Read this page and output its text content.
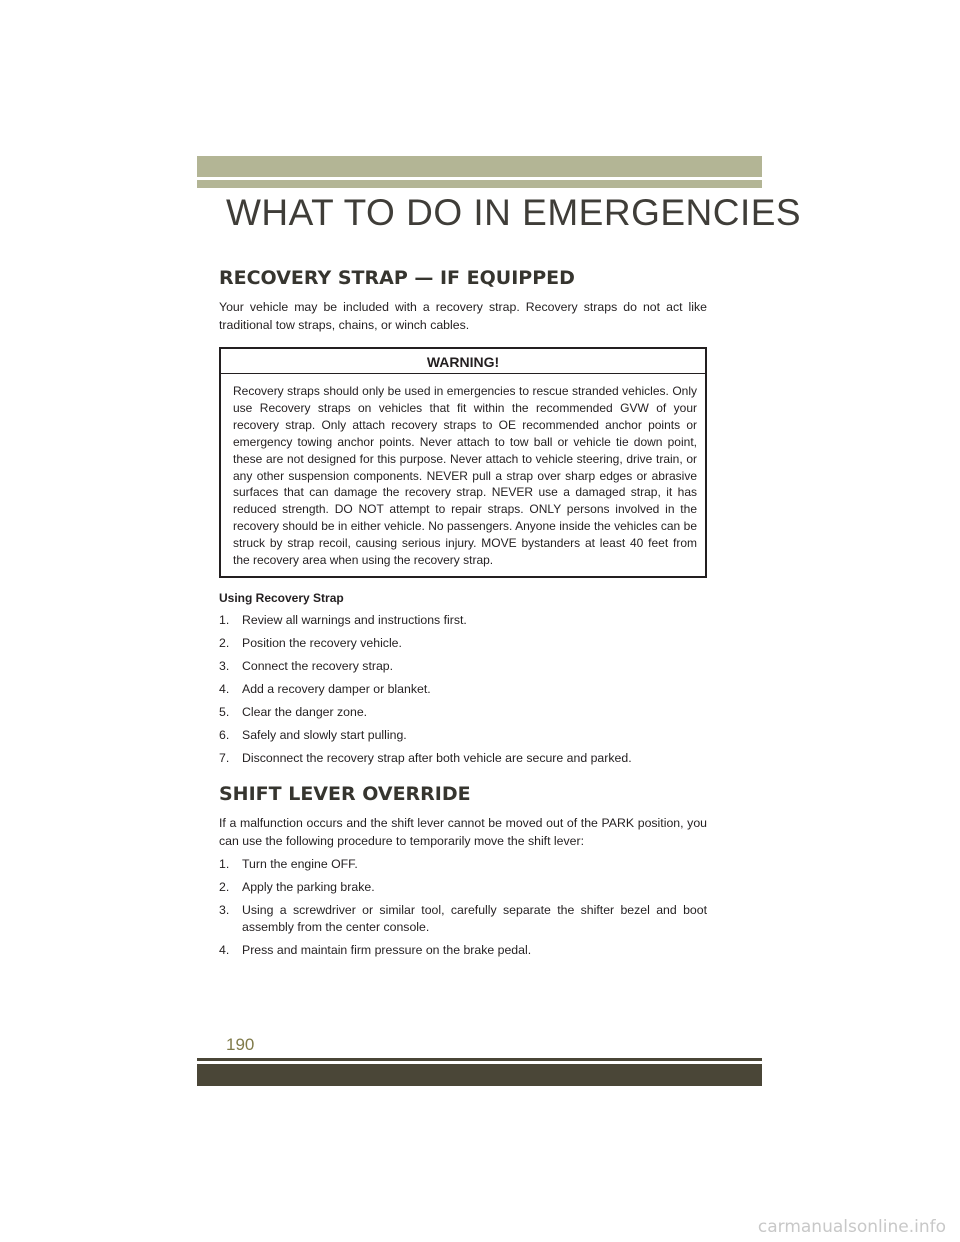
WHAT TO DO IN EMERGENCIES
RECOVERY STRAP — IF EQUIPPED

Your vehicle may be included with a recovery strap. Recovery straps do not act like traditional tow straps, chains, or winch cables.

WARNING!

Recovery straps should only be used in emergencies to rescue stranded vehicles. Only use Recovery straps on vehicles that fit within the recommended GVW of your recovery strap. Only attach recovery straps to OE recommended anchor points or emergency towing anchor points. Never attach to tow ball or vehicle tie down point, these are not designed for this purpose. Never attach to vehicle steering, drive train, or any other suspension components. NEVER pull a strap over sharp edges or abrasive surfaces that can damage the recovery strap. NEVER use a damaged strap, it has reduced strength. DO NOT attempt to repair straps. ONLY persons involved in the recovery should be in either vehicle. No passengers. Anyone inside the vehicles can be struck by strap recoil, causing serious injury. MOVE bystanders at least 40 feet from the recovery area when using the recovery strap.

Using Recovery Strap
1. Review all warnings and instructions first.
2. Position the recovery vehicle.
3. Connect the recovery strap.
4. Add a recovery damper or blanket.
5. Clear the danger zone.
6. Safely and slowly start pulling.
7. Disconnect the recovery strap after both vehicle are secure and parked.
SHIFT LEVER OVERRIDE

If a malfunction occurs and the shift lever cannot be moved out of the PARK position, you can use the following procedure to temporarily move the shift lever:

1. Turn the engine OFF.
2. Apply the parking brake.
3. Using a screwdriver or similar tool, carefully separate the shifter bezel and boot assembly from the center console.
4. Press and maintain firm pressure on the brake pedal.
190
carmanualsonline.info
